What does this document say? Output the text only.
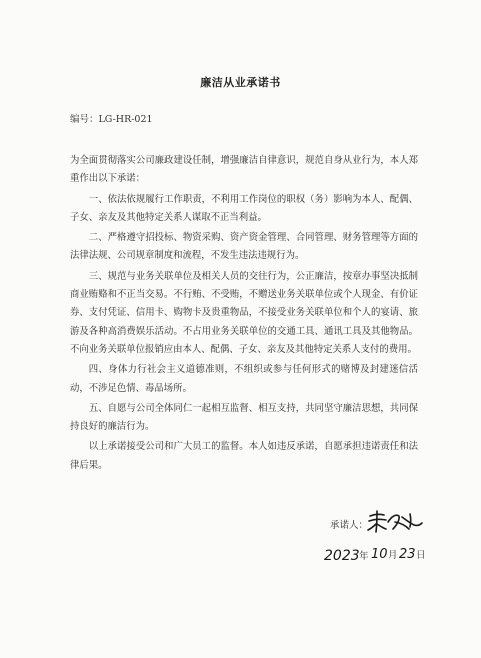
廉洁从业承诺书
编号：LG-HR-021

为全面贯彻落实公司廉政建设任制，增强廉洁自律意识，规范自身从业行为，本人郑重作出以下承诺：

一、依法依规履行工作职责，不利用工作岗位的职权（务）影响为本人、配偶、子女、亲友及其他特定关系人谋取不正当利益。

二、严格遵守招投标、物资采购、资产资金管理、合同管理、财务管理等方面的法律法规、公司规章制度和流程，不发生违法违规行为。

三、规范与业务关联单位及相关人员的交往行为，公正廉洁，按章办事坚决抵制商业贿赂和不正当交易。不行贿、不受贿，不赠送业务关联单位或个人现金、有价证券、支付凭证、信用卡、购物卡及贵重物品，不接受业务关联单位和个人的宴请、旅游及各种高消费娱乐活动。不占用业务关联单位的交通工具、通讯工具及其他物品。不向业务关联单位报销应由本人、配偶、子女、亲友及其他特定关系人支付的费用。

四、身体力行社会主义道德准则，不组织或参与任何形式的赌博及封建迷信活动，不涉足色情、毒品场所。

五、自愿与公司全体同仁一起相互监督、相互支持，共同坚守廉洁思想，共同保持良好的廉洁行为。

以上承诺接受公司和广大员工的监督。本人如违反承诺，自愿承担违诺责任和法律后果。

承诺人：
2023 年 10 月 23 日
